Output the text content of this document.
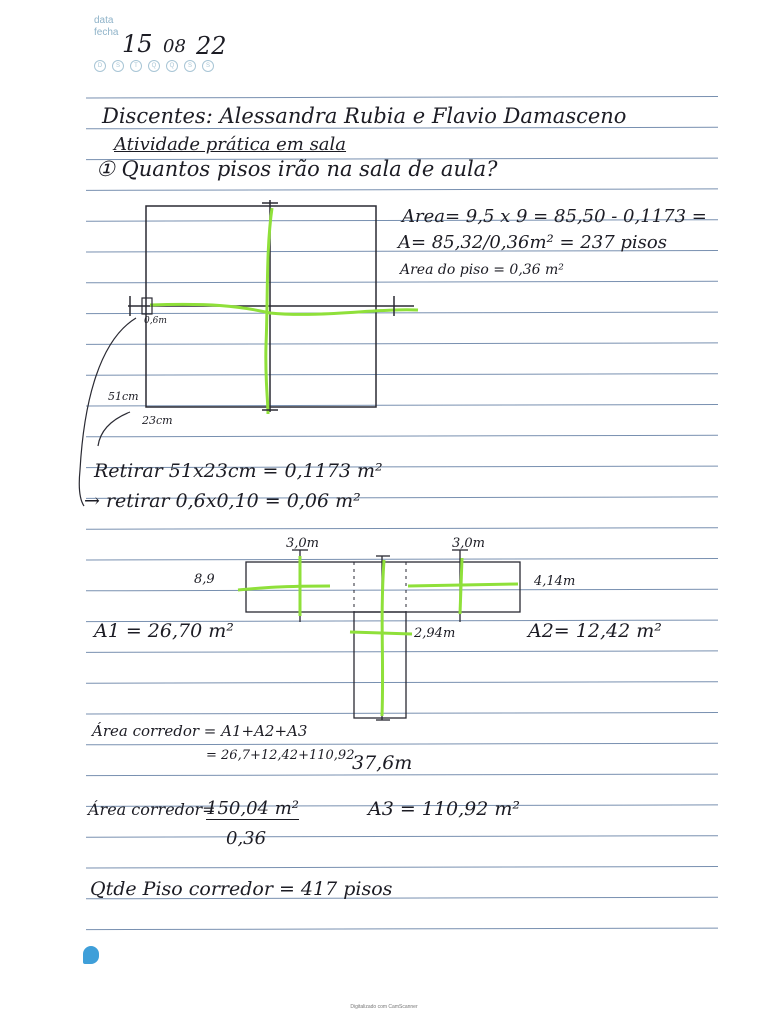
data
fecha 15 08 22
D	S	T	Q	Q	S	S
Discentes: Alessandra Rubia e Flavio Damasceno
Atividade prática em sala
① Quantos pisos irão na sala de aula?
0,6m
51cm
23cm
Area= 9,5 x 9 = 85,50 - 0,1173 =
A= 85,32/0,36m² = 237 pisos
Area do piso = 0,36 m²
Retirar 51x23cm = 0,1173 m²
→ retirar 0,6x0,10 = 0,06 m²
3,0m	3,0m
8,9	4,14m
2,94m
A1 = 26,70 m²	A2= 12,42 m²
Área corredor = A1+A2+A3
= 26,7+12,42+110,92
37,6m
Área corredor=
150,04 m²
0,36
A3 = 110,92 m²
Qtde Piso corredor = 417 pisos
Digitalizado com CamScanner
